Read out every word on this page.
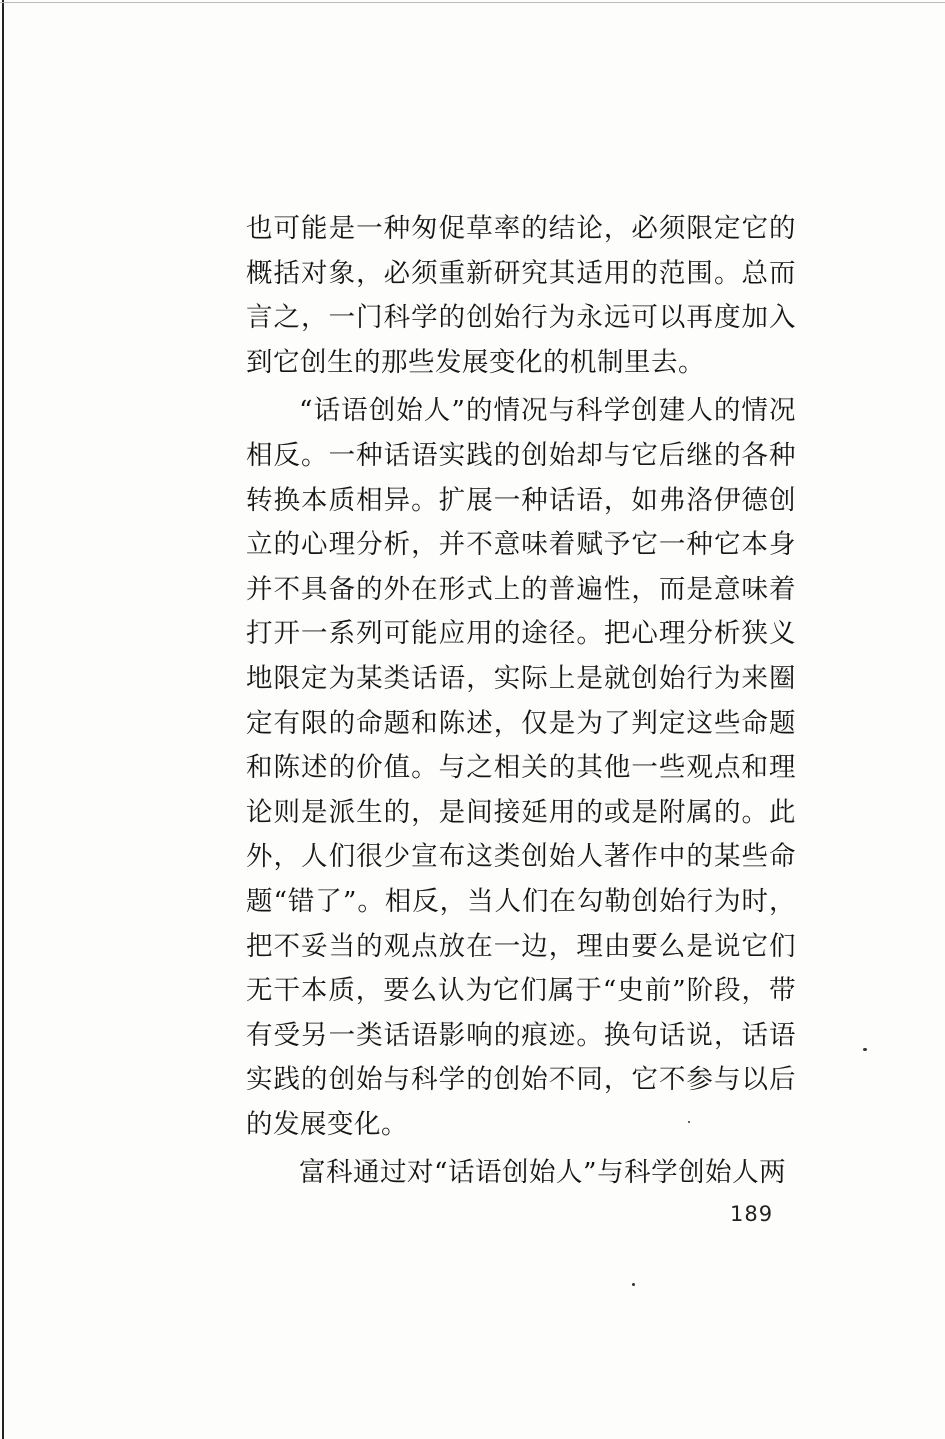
也可能是一种匆促草率的结论，必须限定它的概括对象，必须重新研究其适用的范围。总而言之，一门科学的创始行为永远可以再度加入到它创生的那些发展变化的机制里去。

“话语创始人”的情况与科学创建人的情况相反。一种话语实践的创始却与它后继的各种转换本质相异。扩展一种话语，如弗洛伊德创立的心理分析，并不意味着赋予它一种它本身并不具备的外在形式上的普遍性，而是意味着打开一系列可能应用的途径。把心理分析狭义地限定为某类话语，实际上是就创始行为来圈定有限的命题和陈述，仅是为了判定这些命题和陈述的价值。与之相关的其他一些观点和理论则是派生的，是间接延用的或是附属的。此外，人们很少宣布这类创始人著作中的某些命题“错了”。相反，当人们在勾勒创始行为时，把不妥当的观点放在一边，理由要么是说它们无干本质，要么认为它们属于“史前”阶段，带有受另一类话语影响的痕迹。换句话说，话语实践的创始与科学的创始不同，它不参与以后的发展变化。

富科通过对“话语创始人”与科学创始人两

189
